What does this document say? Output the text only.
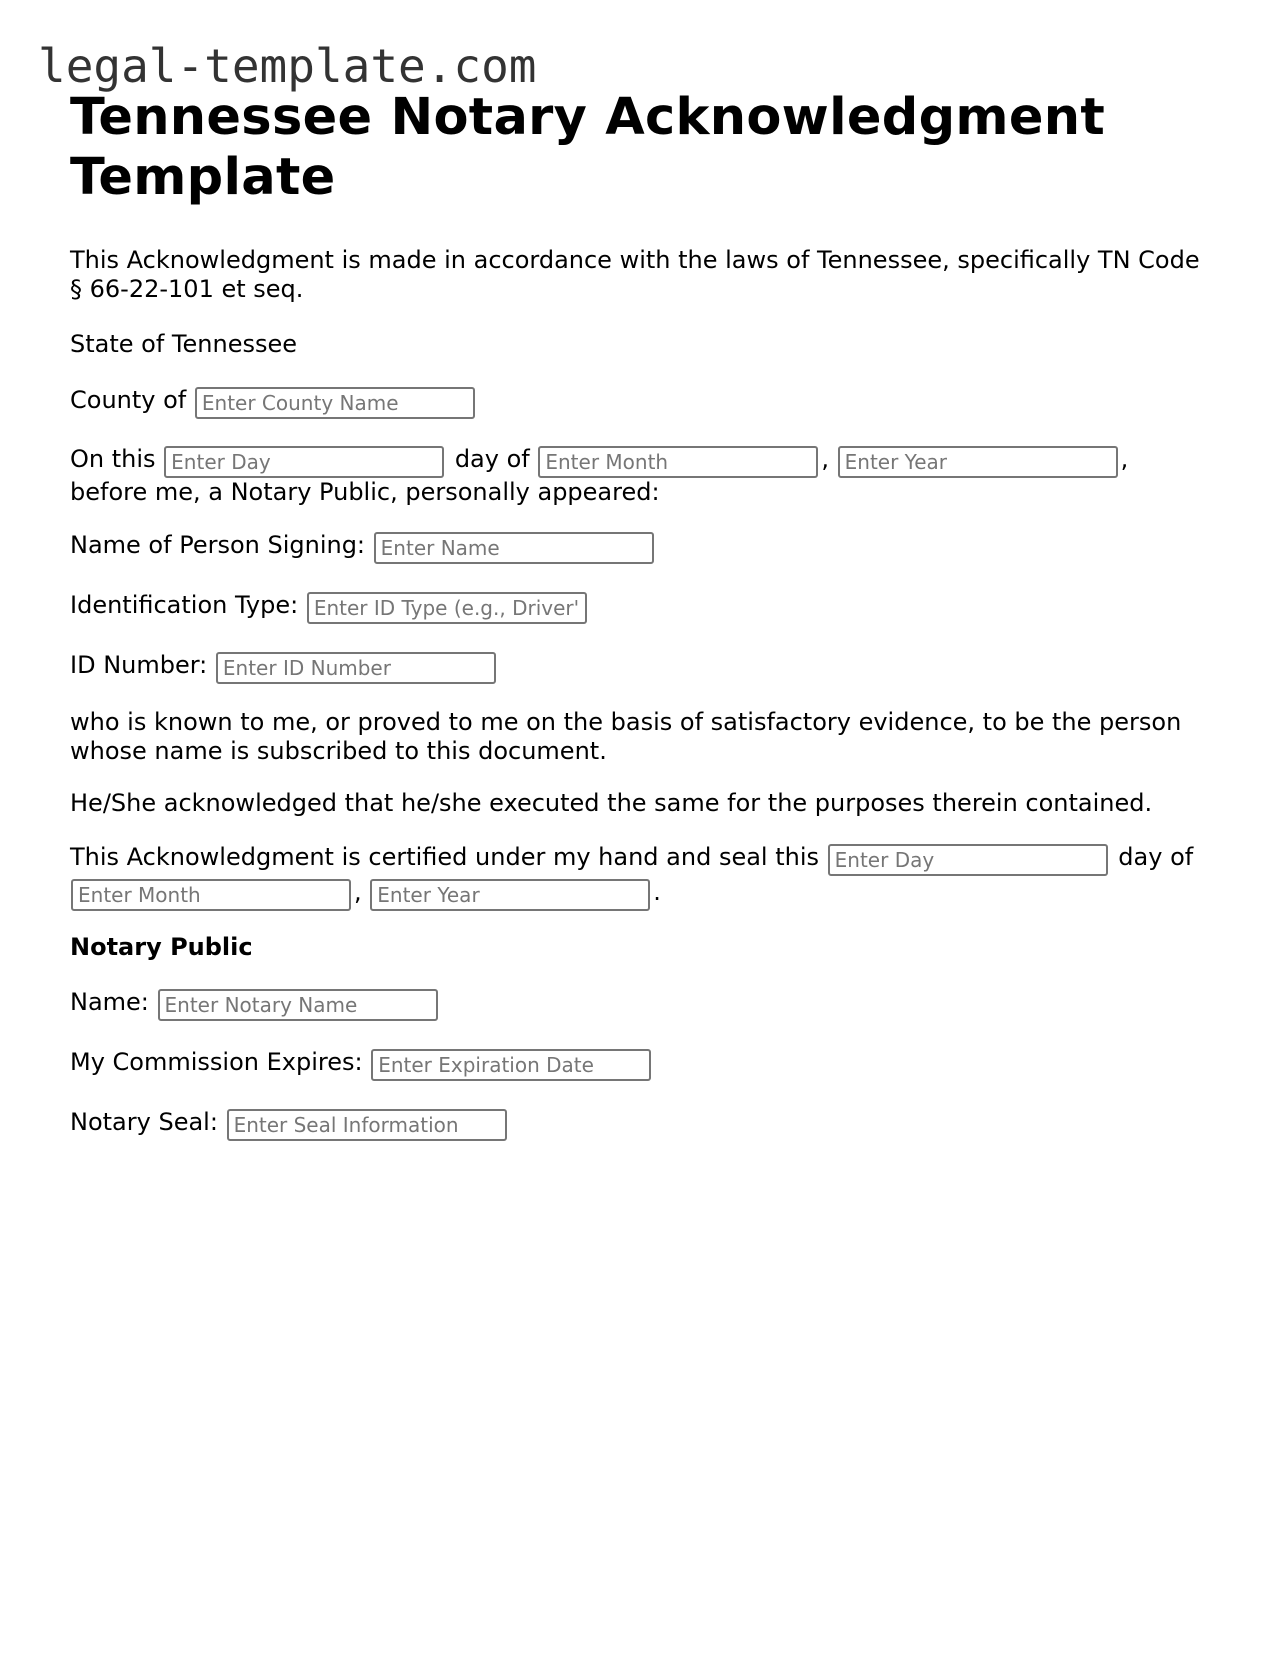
legal-template.com
Tennessee Notary Acknowledgment Template

This Acknowledgment is made in accordance with the laws of Tennessee, specifically TN Code § 66-22-101 et seq.

State of Tennessee

County of Enter County Name

On this Enter Day	day of Enter Month	, Enter Year	, before me, a Notary Public, personally appeared:

Name of Person Signing: Enter Name

Identification Type: Enter ID Type (e.g., Driver's License)

ID Number: Enter ID Number

who is known to me, or proved to me on the basis of satisfactory evidence, to be the person whose name is subscribed to this document.

He/She acknowledged that he/she executed the same for the purposes therein contained.

This Acknowledgment is certified under my hand and seal this Enter Day	day of Enter Month, Enter Year	.

Notary Public

Name: Enter Notary Name

My Commission Expires: Enter Expiration Date

Notary Seal: Enter Seal Information
